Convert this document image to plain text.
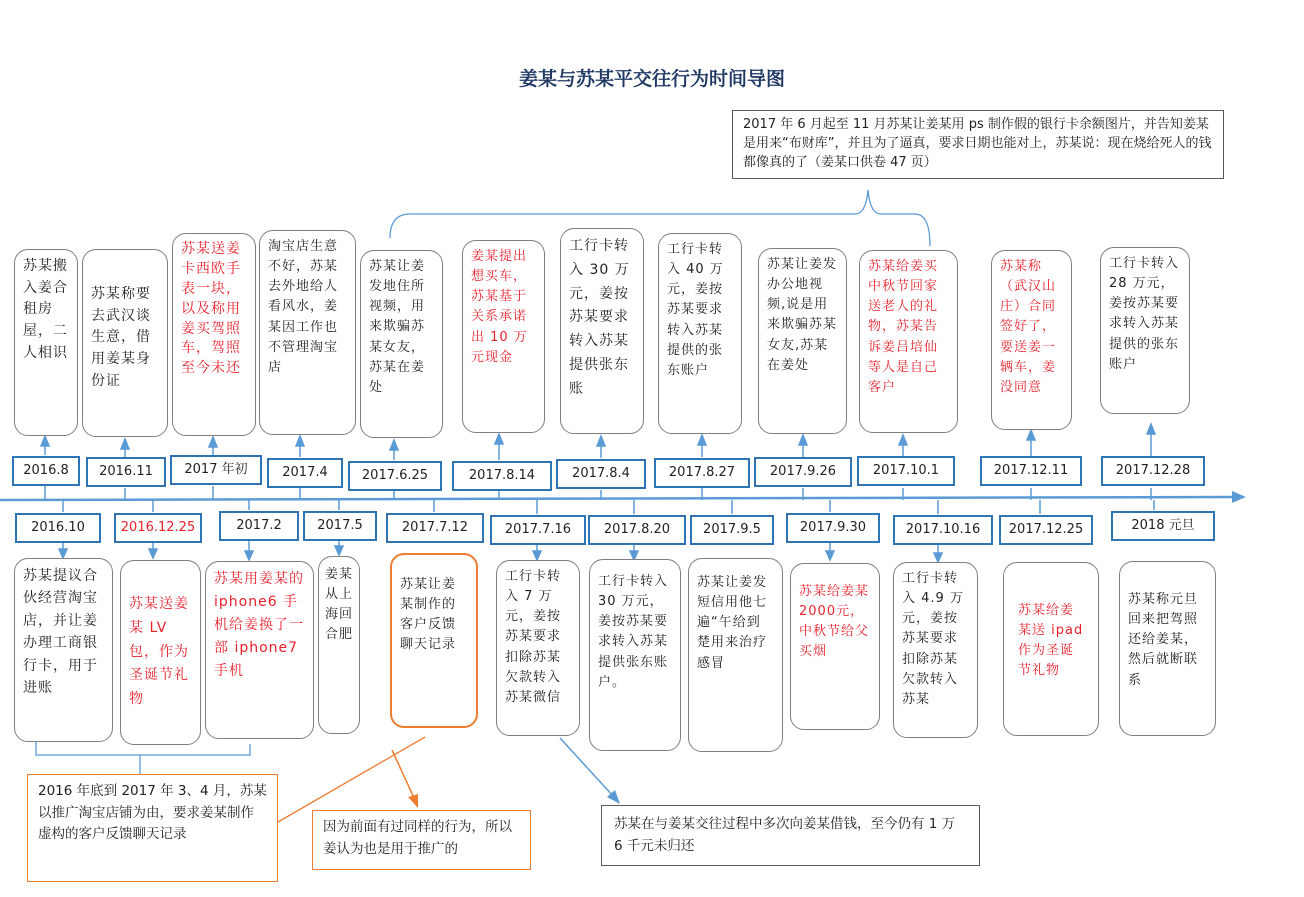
姜某与苏某平交往行为时间导图
2017 年 6 月起至 11 月苏某让姜某用 ps 制作假的银行卡余额图片，并告知姜某是用来“布财库”，并且为了逼真，要求日期也能对上，苏某说：现在烧给死人的钱都像真的了（姜某口供卷 47 页）
苏某搬入姜合租房屋，二人相识
苏某称要去武汉谈生意，借用姜某身份证
苏某送姜卡西欧手表一块，以及称用姜买驾照车，驾照至今未还
淘宝店生意不好，苏某去外地给人看风水，姜某因工作也不管理淘宝店
苏某让姜发地住所视频，用来欺骗苏某女友，苏某在姜处
姜某提出想买车，苏某基于关系承诺出 10 万元现金
工行卡转入 30 万元，姜按苏某要求转入苏某提供张东账
工行卡转入 40 万元，姜按苏某要求转入苏某提供的张东账户
苏某让姜发办公地视频,说是用来欺骗苏某女友,苏某在姜处
苏某给姜买中秋节回家送老人的礼物，苏某告诉姜吕培仙等人是自己客户
苏某称（武汉山庄）合同签好了，要送姜一辆车，姜没同意
工行卡转入 28 万元，姜按苏某要求转入苏某提供的张东账户
2016.8	2016.11	2017 年初	2017.4	2017.6.25	2017.8.14	2017.8.4	2017.8.27	2017.9.26	2017.10.1	2017.12.11	2017.12.28
2016.10	2016.12.25	2017.2	2017.5	2017.7.12	2017.7.16	2017.8.20	2017.9.5	2017.9.30	2017.10.16	2017.12.25	2018 元旦
苏某提议合伙经营淘宝店，并让姜办理工商银行卡，用于进账
苏某送姜某 LV 包，作为圣诞节礼物
苏某用姜某的 iphone6 手机给姜换了一部 iphone7 手机
姜某从上海回合肥
苏某让姜某制作的客户反馈聊天记录
工行卡转入 7 万元，姜按苏某要求扣除苏某欠款转入苏某微信
工行卡转入30 万元，姜按苏某要求转入苏某提供张东账户。
苏某让姜发短信用他七遍“午给到楚用来治疗感冒
苏某给姜某 2000元，中秋节给父买烟
工行卡转入 4.9 万元，姜按苏某要求扣除苏某欠款转入苏某
苏某给姜某送 ipad 作为圣诞节礼物
苏某称元旦回来把驾照还给姜某，然后就断联系
2016 年底到 2017 年 3、4 月，苏某以推广淘宝店铺为由，要求姜某制作虚构的客户反馈聊天记录	因为前面有过同样的行为，所以姜认为也是用于推广的
苏某在与姜某交往过程中多次向姜某借钱，至今仍有 1 万 6 千元未归还
